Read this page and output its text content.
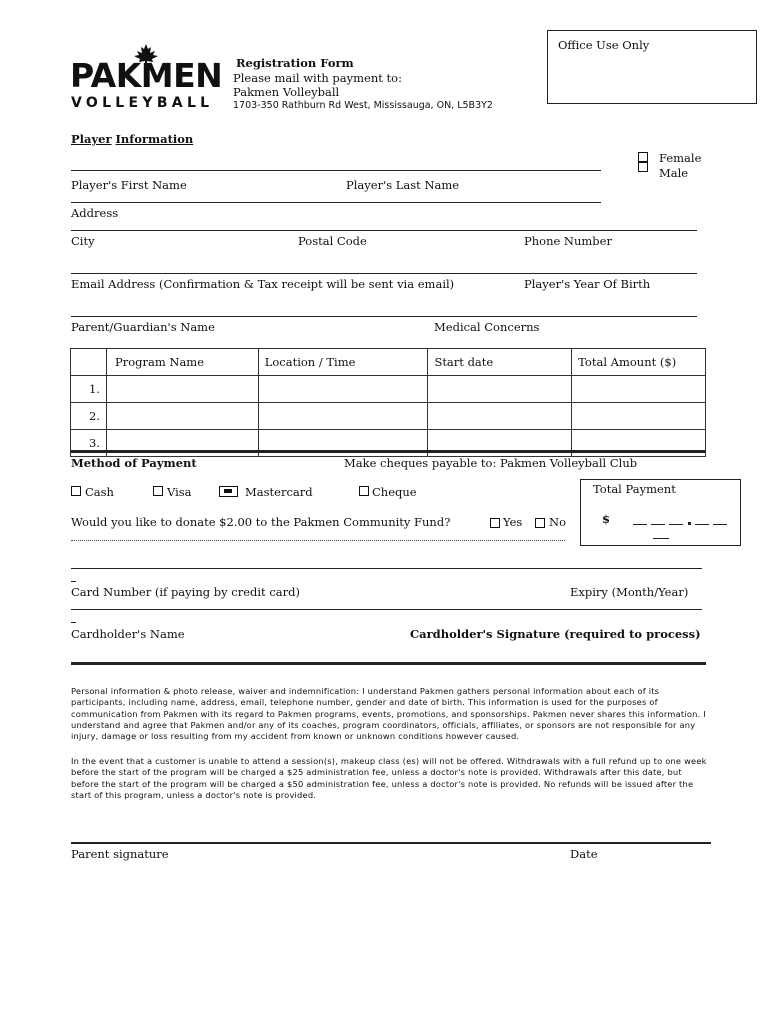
Office Use Only
PAKMEN
VOLLEYBALL
Registration Form
Please mail with payment to:
Pakmen Volleyball
1703-350 Rathburn Rd West, Mississauga, ON, L5B3Y2
Player Information
Female
Male
Player's First Name	Player's Last Name
Address
City	Postal Code	Phone Number
Email Address (Confirmation & Tax receipt will be sent via email)	Player's Year Of Birth
Parent/Guardian's Name	Medical Concerns
	Program Name	Location / Time	Start date	Total Amount ($)
1.				
2.				
3.				
Method of Payment	Make cheques payable to: Pakmen Volleyball Club
Cash	Visa	Mastercard	Cheque	Total Payment
$
Would you like to donate $2.00 to the Pakmen Community Fund?	Yes No
Card Number (if paying by credit card)	Expiry (Month/Year)
Cardholder's Name	Cardholder's Signature (required to process)
Personal information & photo release, waiver and indemnification: I understand Pakmen gathers personal information about each of its participants, including name, address, email, telephone number, gender and date of birth. This information is used for the purposes of communication from Pakmen with its regard to Pakmen programs, events, promotions, and sponsorships. Pakmen never shares this information. I understand and agree that Pakmen and/or any of its coaches, program coordinators, officials, affiliates, or sponsors are not responsible for any injury, damage or loss resulting from my accident from known or unknown conditions however caused.
In the event that a customer is unable to attend a session(s), makeup class (es) will not be offered. Withdrawals with a full refund up to one week before the start of the program will be charged a $25 administration fee, unless a doctor's note is provided. Withdrawals after this date, but before the start of the program will be charged a $50 administration fee, unless a doctor's note is provided. No refunds will be issued after the start of this program, unless a doctor's note is provided.
Parent signature	Date
